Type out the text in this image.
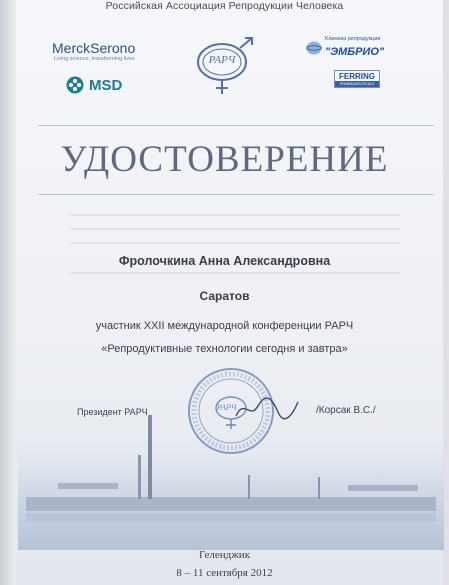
Российская Ассоциация Репродукции Человека
MerckSerono
Living science, transforming lives
MSD
РАРЧ
Клиника репродукции
"ЭМБРИО"
FERRING
PHARMACEUTICALS
УДОСТОВЕРЕНИЕ
Фролочкина Анна Александровна
Саратов
участник XXII международной конференции РАРЧ
«Репродуктивные технологии сегодня и завтра»
Президент РАРЧ	РАРЧ	/Корсак В.С./
Геленджик
8 – 11 сентября 2012
